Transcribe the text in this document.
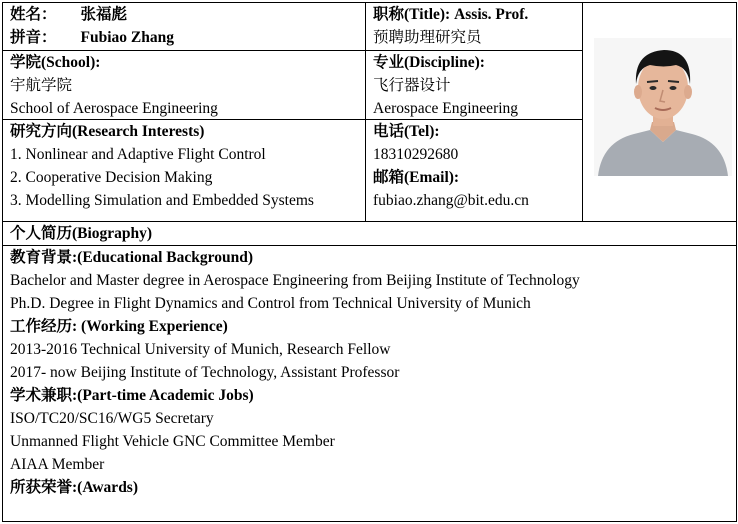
姓名： 张福彪
拼音： Fubiao Zhang
职称(Title): Assis. Prof.
预聘助理研究员
学院(School):
宇航学院
School of Aerospace Engineering
专业(Discipline):
飞行器设计
Aerospace Engineering
研究方向(Research Interests)
1. Nonlinear and Adaptive Flight Control
2. Cooperative Decision Making
3. Modelling Simulation and Embedded Systems
电话(Tel):
18310292680
邮箱(Email):
fubiao.zhang@bit.edu.cn
个人简历(Biography)
教育背景:(Educational Background)
Bachelor and Master degree in Aerospace Engineering from Beijing Institute of Technology
Ph.D. Degree in Flight Dynamics and Control from Technical University of Munich
工作经历: (Working Experience)
2013-2016 Technical University of Munich, Research Fellow
2017- now Beijing Institute of Technology, Assistant Professor
学术兼职:(Part-time Academic Jobs)
ISO/TC20/SC16/WG5 Secretary
Unmanned Flight Vehicle GNC Committee Member
AIAA Member
所获荣誉:(Awards)
